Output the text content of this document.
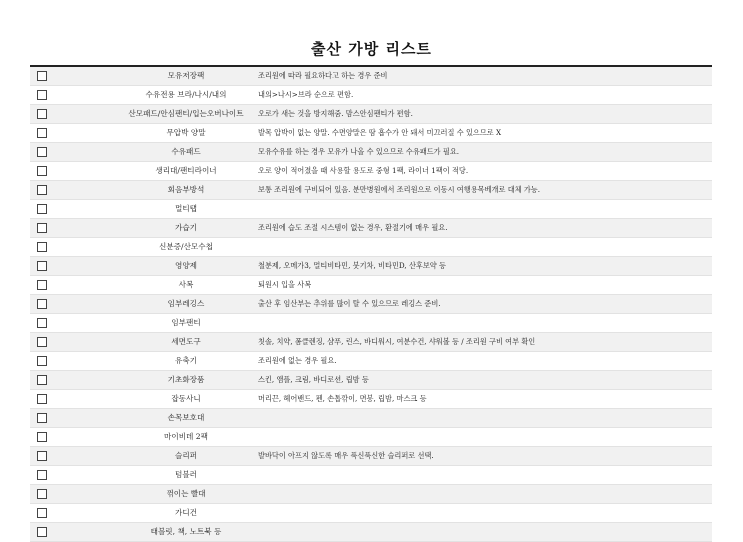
출산 가방 리스트
모유저장팩	조리원에 따라 필요하다고 하는 경우 준비
수유전용 브라/나시/내의	내의>나시>브라 순으로 편함.
산모패드/안심팬티/입는오버나이트	오로가 새는 것을 방지해줌. 맘스안심팬티가 편함.
무압박 양말	발목 압박이 없는 양말. 수면양말은 땀 흡수가 안 돼서 미끄러질 수 있으므로 X
수유패드	모유수유를 하는 경우 모유가 나올 수 있으므로 수유패드가 필요.
생리대/팬티라이너	오로 양이 적어졌을 때 사용할 용도로 중형 1팩, 라이너 1팩이 적당.
회음부방석	보통 조리원에 구비되어 있음. 분만병원에서 조리원으로 이동시 여행용목베개로 대체 가능.
멀티탭
가습기	조리원에 습도 조절 시스템이 없는 경우, 환절기에 매우 필요.
신분증/산모수첩
영양제	철분제, 오메가3, 멀티비타민, 붓기차, 비타민D, 산후보약 등
사복	퇴원시 입을 사복
임부레깅스	출산 후 임산부는 추위를 많이 탈 수 있으므로 레깅스 준비.
임부팬티
세면도구	칫솔, 치약, 폼클렌징, 샴푸, 린스, 바디워시, 여분수건, 샤워볼 등 / 조리원 구비 여부 확인
유축기	조리원에 없는 경우 필요.
기초화장품	스킨, 앰플, 크림, 바디로션, 립밤 등
잡동사니	머리끈, 헤어밴드, 펜, 손톱깎이, 면봉, 립밤, 마스크 등
손목보호대
마이비데 2팩
슬리퍼	발바닥이 아프지 않도록 매우 푹신푹신한 슬리퍼로 선택.
텀블러
꺾이는 빨대
가디건
태블릿, 책, 노트북 등
